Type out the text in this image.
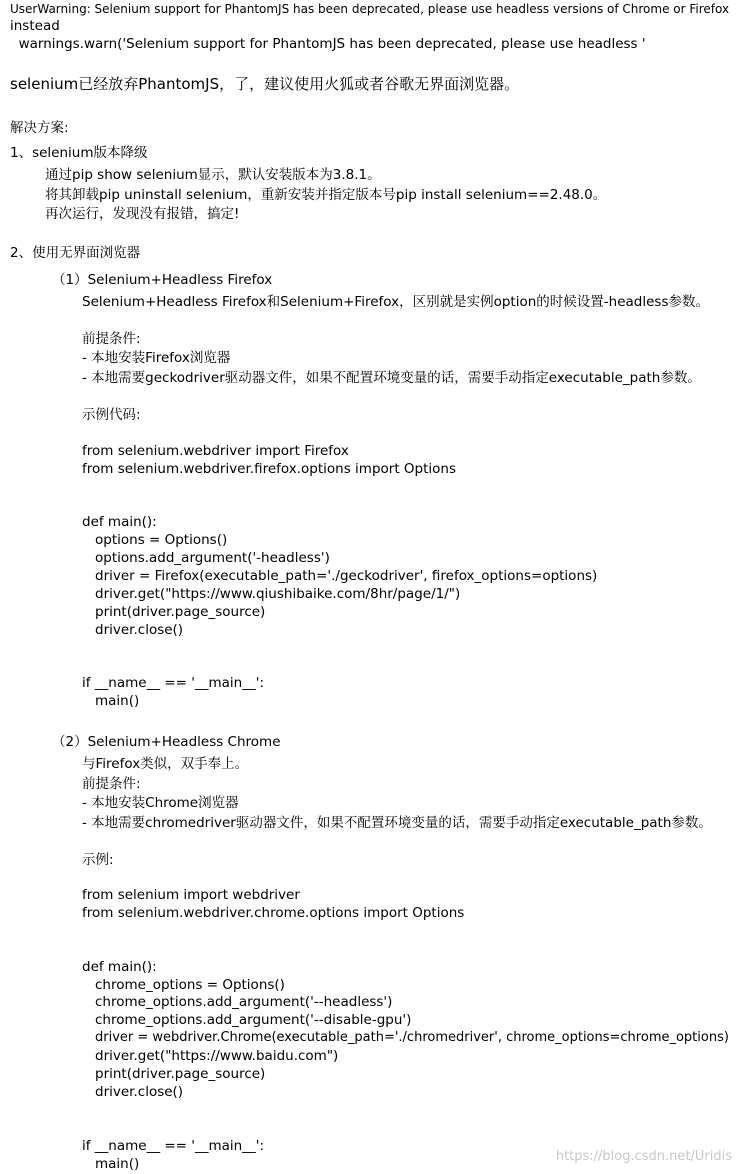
UserWarning: Selenium support for PhantomJS has been deprecated, please use headless versions of Chrome or Firefox
instead
warnings.warn('Selenium support for PhantomJS has been deprecated, please use headless '
selenium已经放弃PhantomJS，了，建议使用火狐或者谷歌无界面浏览器。
解决方案:
1、selenium版本降级
通过pip show selenium显示，默认安装版本为3.8.1。
将其卸载pip uninstall selenium，重新安装并指定版本号pip install selenium==2.48.0。
再次运行，发现没有报错，搞定!
2、使用无界面浏览器
（1）Selenium+Headless Firefox
Selenium+Headless Firefox和Selenium+Firefox，区别就是实例option的时候设置-headless参数。
前提条件:
- 本地安装Firefox浏览器
- 本地需要geckodriver驱动器文件，如果不配置环境变量的话，需要手动指定executable_path参数。
示例代码:
from selenium.webdriver import Firefox
from selenium.webdriver.firefox.options import Options
def main():
options = Options()
options.add_argument('-headless')
driver = Firefox(executable_path='./geckodriver', firefox_options=options)
driver.get("https://www.qiushibaike.com/8hr/page/1/")
print(driver.page_source)
driver.close()
if __name__ == '__main__':
main()
（2）Selenium+Headless Chrome
与Firefox类似，双手奉上。
前提条件:
- 本地安装Chrome浏览器
- 本地需要chromedriver驱动器文件，如果不配置环境变量的话，需要手动指定executable_path参数。
示例:
from selenium import webdriver
from selenium.webdriver.chrome.options import Options
def main():
chrome_options = Options()
chrome_options.add_argument('--headless')
chrome_options.add_argument('--disable-gpu')
driver = webdriver.Chrome(executable_path='./chromedriver', chrome_options=chrome_options)
driver.get("https://www.baidu.com")
print(driver.page_source)
driver.close()
if __name__ == '__main__':
main()	https://blog.csdn.net/Uridis
